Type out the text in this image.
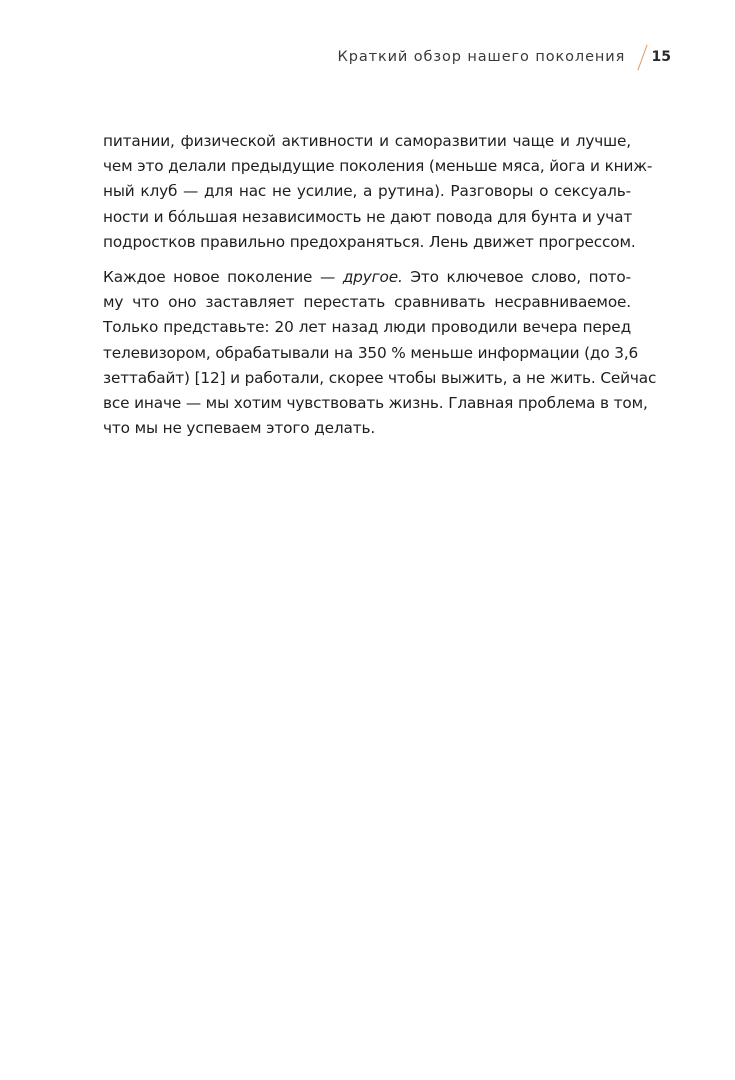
Краткий обзор нашего поколения 15
питании, физической активности и саморазвитии чаще и лучше,
чем это делали предыдущие поколения (меньше мяса, йога и книж-
ный клуб — для нас не усилие, а рутина). Разговоры о сексуаль-
ности и бóльшая независимость не дают повода для бунта и учат
подростков правильно предохраняться. Лень движет прогрессом.
Каждое новое поколение — другое. Это ключевое слово, пото-
му что оно заставляет перестать сравнивать несравниваемое.
Только представьте: 20 лет назад люди проводили вечера перед
телевизором, обрабатывали на 350 % меньше информации (до 3,6
зеттабайт) [12] и работали, скорее чтобы выжить, а не жить. Сейчас
все иначе — мы хотим чувствовать жизнь. Главная проблема в том,
что мы не успеваем этого делать.
